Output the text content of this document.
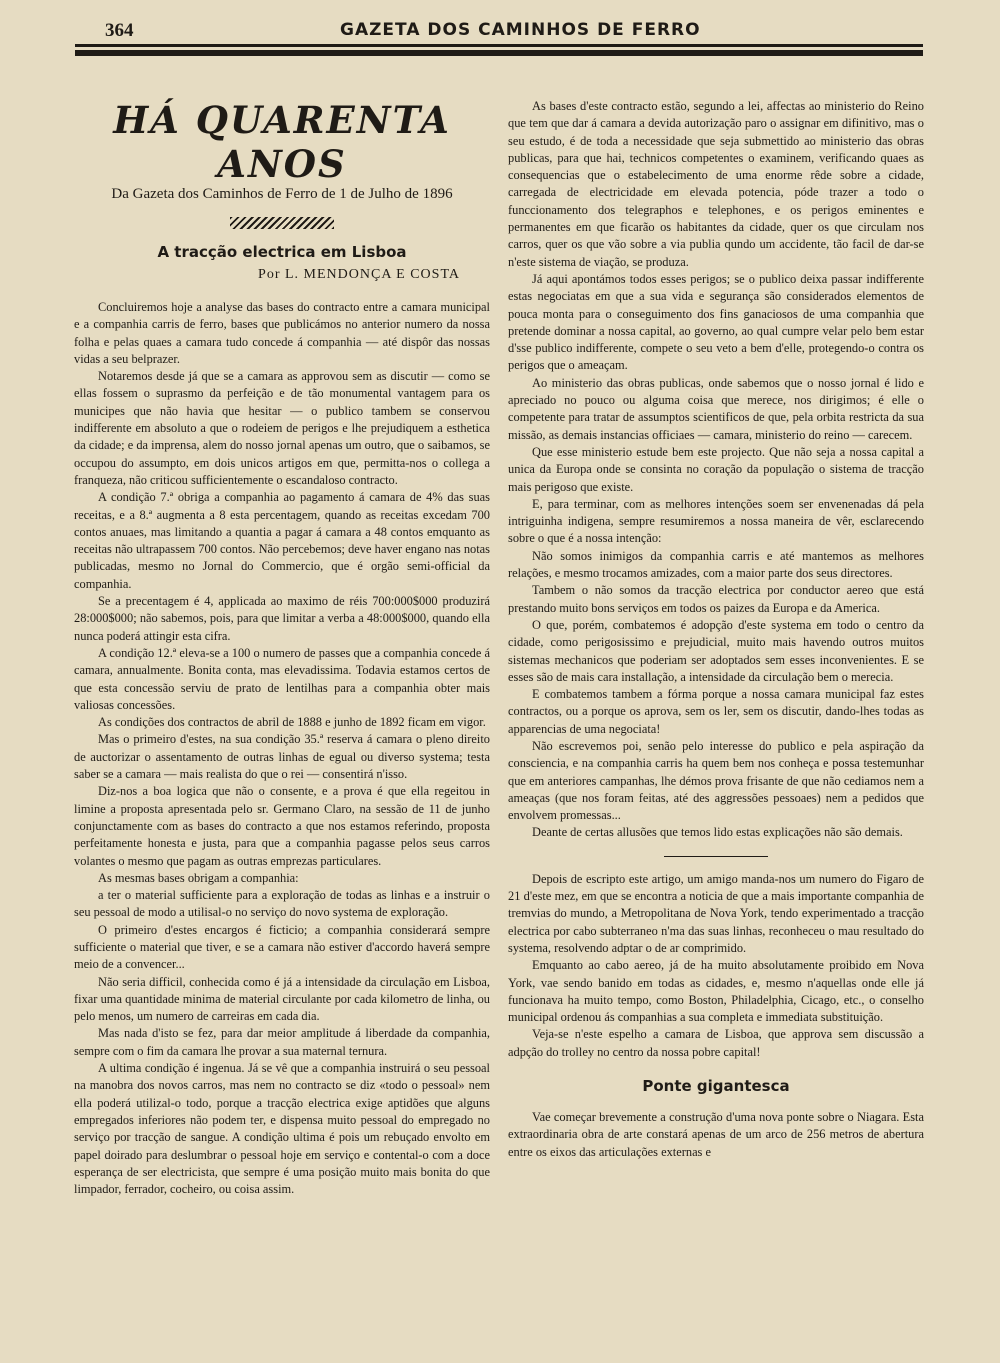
364	GAZETA DOS CAMINHOS DE FERRO
HÁ QUARENTA ANOS
Da Gazeta dos Caminhos de Ferro de 1 de Julho de 1896
A tracção electrica em Lisboa
Por L. MENDONÇA E COSTA

Concluiremos hoje a analyse das bases do contracto entre a camara municipal e a companhia carris de ferro, bases que publicámos no anterior numero da nossa folha e pelas quaes a camara tudo concede á companhia — até dispôr das nossas vidas a seu belprazer.

Notaremos desde já que se a camara as approvou sem as discutir — como se ellas fossem o suprasmo da perfeição e de tão monumental vantagem para os municipes que não havia que hesitar — o publico tambem se conservou indifferente em absoluto a que o rodeiem de perigos e lhe prejudiquem a esthetica da cidade; e da imprensa, alem do nosso jornal apenas um outro, que o saibamos, se occupou do assumpto, em dois unicos artigos em que, permitta-nos o collega a franqueza, não criticou sufficientemente o escandaloso contracto.

A condição 7.ª obriga a companhia ao pagamento á camara de 4% das suas receitas, e a 8.ª augmenta a 8 esta percentagem, quando as receitas excedam 700 contos anuaes, mas limitando a quantia a pagar á camara a 48 contos emquanto as receitas não ultrapassem 700 contos. Não percebemos; deve haver engano nas notas publicadas, mesmo no Jornal do Commercio, que é orgão semi-official da companhia.

Se a precentagem é 4, applicada ao maximo de réis 700:000$000 produzirá 28:000$000; não sabemos, pois, para que limitar a verba a 48:000$000, quando ella nunca poderá attingir esta cifra.

A condição 12.ª eleva-se a 100 o numero de passes que a companhia concede á camara, annualmente. Bonita conta, mas elevadissima. Todavia estamos certos de que esta concessão serviu de prato de lentilhas para a companhia obter mais valiosas concessões.

As condições dos contractos de abril de 1888 e junho de 1892 ficam em vigor.

Mas o primeiro d'estes, na sua condição 35.ª reserva á camara o pleno direito de auctorizar o assentamento de outras linhas de egual ou diverso systema; testa saber se a camara — mais realista do que o rei — consentirá n'isso.

Diz-nos a boa logica que não o consente, e a prova é que ella regeitou in limine a proposta apresentada pelo sr. Germano Claro, na sessão de 11 de junho conjunctamente com as bases do contracto a que nos estamos referindo, proposta perfeitamente honesta e justa, para que a companhia pagasse pelos seus carros volantes o mesmo que pagam as outras emprezas particulares.

As mesmas bases obrigam a companhia:

a ter o material sufficiente para a exploração de todas as linhas e a instruir o seu pessoal de modo a utilisal-o no serviço do novo systema de exploração.

O primeiro d'estes encargos é ficticio; a companhia considerará sempre sufficiente o material que tiver, e se a camara não estiver d'accordo haverá sempre meio de a convencer...

Não seria difficil, conhecida como é já a intensidade da circulação em Lisboa, fixar uma quantidade minima de material circulante por cada kilometro de linha, ou pelo menos, um numero de carreiras em cada dia.

Mas nada d'isto se fez, para dar meior amplitude á liberdade da companhia, sempre com o fim da camara lhe provar a sua maternal ternura.

A ultima condição é ingenua. Já se vê que a companhia instruirá o seu pessoal na manobra dos novos carros, mas nem no contracto se diz «todo o pessoal» nem ella poderá utilizal-o todo, porque a tracção electrica exige aptidões que alguns empregados inferiores não podem ter, e dispensa muito pessoal do empregado no serviço por tracção de sangue. A condição ultima é pois um rebuçado envolto em papel doirado para deslumbrar o pessoal hoje em serviço e contental-o com a doce esperança de ser electricista, que sempre é uma posição muito mais bonita do que limpador, ferrador, cocheiro, ou coisa assim.

As bases d'este contracto estão, segundo a lei, affectas ao ministerio do Reino que tem que dar á camara a devida autorização paro o assignar em difinitivo, mas o seu estudo, é de toda a necessidade que seja submettido ao ministerio das obras publicas, para que hai, technicos competentes o examinem, verificando quaes as consequencias que o estabelecimento de uma enorme rêde sobre a cidade, carregada de electricidade em elevada potencia, póde trazer a todo o funccionamento dos telegraphos e telephones, e os perigos eminentes e permanentes em que ficarão os habitantes da cidade, quer os que circulam nos carros, quer os que vão sobre a via publia qundo um accidente, tão facil de dar-se n'este sistema de viação, se produza.

Já aqui apontámos todos esses perigos; se o publico deixa passar indifferente estas negociatas em que a sua vida e segurança são considerados elementos de pouca monta para o conseguimento dos fins ganaciosos de uma companhia que pretende dominar a nossa capital, ao governo, ao qual cumpre velar pelo bem estar d'sse publico indifferente, compete o seu veto a bem d'elle, protegendo-o contra os perigos que o ameaçam.

Ao ministerio das obras publicas, onde sabemos que o nosso jornal é lido e apreciado no pouco ou alguma coisa que merece, nos dirigimos; é elle o competente para tratar de assumptos scientificos de que, pela orbita restricta da sua missão, as demais instancias officiaes — camara, ministerio do reino — carecem.

Que esse ministerio estude bem este projecto. Que não seja a nossa capital a unica da Europa onde se consinta no coração da população o sistema de tracção mais perigoso que existe.

E, para terminar, com as melhores intenções soem ser envenenadas dá pela intriguinha indigena, sempre resumiremos a nossa maneira de vêr, esclarecendo sobre o que é a nossa intenção:

Não somos inimigos da companhia carris e até mantemos as melhores relações, e mesmo trocamos amizades, com a maior parte dos seus directores.

Tambem o não somos da tracção electrica por conductor aereo que está prestando muito bons serviços em todos os paizes da Europa e da America.

O que, porém, combatemos é adopção d'este systema em todo o centro da cidade, como perigosissimo e prejudicial, muito mais havendo outros muitos sistemas mechanicos que poderiam ser adoptados sem esses inconvenientes. E se esses são de mais cara installação, a intensidade da circulação bem o merecia.

E combatemos tambem a fórma porque a nossa camara municipal faz estes contractos, ou a porque os aprova, sem os ler, sem os discutir, dando-lhes todas as apparencias de uma negociata!

Não escrevemos poi, senão pelo interesse do publico e pela aspiração da consciencia, e na companhia carris ha quem bem nos conheça e possa testemunhar que em anteriores campanhas, lhe démos prova frisante de que não cediamos nem a ameaças (que nos foram feitas, até des aggressões pessoaes) nem a pedidos que envolvem promessas...

Deante de certas allusões que temos lido estas explicações não são demais.

Depois de escripto este artigo, um amigo manda-nos um numero do Figaro de 21 d'este mez, em que se encontra a noticia de que a mais importante companhia de tremvias do mundo, a Metropolitana de Nova York, tendo experimentado a tracção electrica por cabo subterraneo n'ma das suas linhas, reconheceu o mau resultado do systema, resolvendo adptar o de ar comprimido.

Emquanto ao cabo aereo, já de ha muito absolutamente proibido em Nova York, vae sendo banido em todas as cidades, e, mesmo n'aquellas onde elle já funcionava ha muito tempo, como Boston, Philadelphia, Cicago, etc., o conselho municipal ordenou ás companhias a sua completa e immediata substituição.

Veja-se n'este espelho a camara de Lisboa, que approva sem discussão a adpção do trolley no centro da nossa pobre capital!

Ponte gigantesca

Vae começar brevemente a construção d'uma nova ponte sobre o Niagara. Esta extraordinaria obra de arte constará apenas de um arco de 256 metros de abertura entre os eixos das articulações externas e
